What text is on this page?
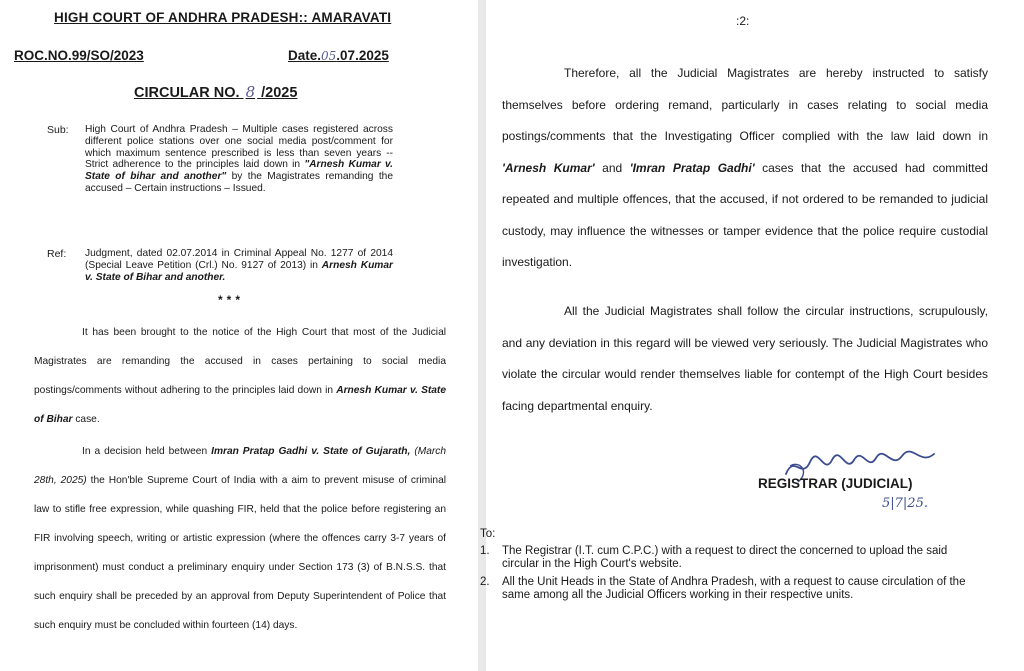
HIGH COURT OF ANDHRA PRADESH:: AMARAVATI
ROC.NO.99/SO/2023	Date.05.07.2025
CIRCULAR NO. 8 /2025
Sub: High Court of Andhra Pradesh – Multiple cases registered across different police stations over one social media post/comment for which maximum sentence prescribed is less than seven years -- Strict adherence to the principles laid down in "Arnesh Kumar v. State of bihar and another" by the Magistrates remanding the accused – Certain instructions – Issued.
Ref: Judgment, dated 02.07.2014 in Criminal Appeal No. 1277 of 2014 (Special Leave Petition (Crl.) No. 9127 of 2013) in Arnesh Kumar v. State of Bihar and another.
***
It has been brought to the notice of the High Court that most of the Judicial Magistrates are remanding the accused in cases pertaining to social media postings/comments without adhering to the principles laid down in Arnesh Kumar v. State of Bihar case.
In a decision held between Imran Pratap Gadhi v. State of Gujarath, (March 28th, 2025) the Hon'ble Supreme Court of India with a aim to prevent misuse of criminal law to stifle free expression, while quashing FIR, held that the police before registering an FIR involving speech, writing or artistic expression (where the offences carry 3-7 years of imprisonment) must conduct a preliminary enquiry under Section 173 (3) of B.N.S.S. that such enquiry shall be preceded by an approval from Deputy Superintendent of Police that such enquiry must be concluded within fourteen (14) days.
:2:
Therefore, all the Judicial Magistrates are hereby instructed to satisfy themselves before ordering remand, particularly in cases relating to social media postings/comments that the Investigating Officer complied with the law laid down in 'Arnesh Kumar' and 'Imran Pratap Gadhi' cases that the accused had committed repeated and multiple offences, that the accused, if not ordered to be remanded to judicial custody, may influence the witnesses or tamper evidence that the police require custodial investigation.
All the Judicial Magistrates shall follow the circular instructions, scrupulously, and any deviation in this regard will be viewed very seriously. The Judicial Magistrates who violate the circular would render themselves liable for contempt of the High Court besides facing departmental enquiry.
REGISTRAR (JUDICIAL)
5|7|25.
To:
1. The Registrar (I.T. cum C.P.C.) with a request to direct the concerned to upload the said circular in the High Court's website.
2. All the Unit Heads in the State of Andhra Pradesh, with a request to cause circulation of the same among all the Judicial Officers working in their respective units.
